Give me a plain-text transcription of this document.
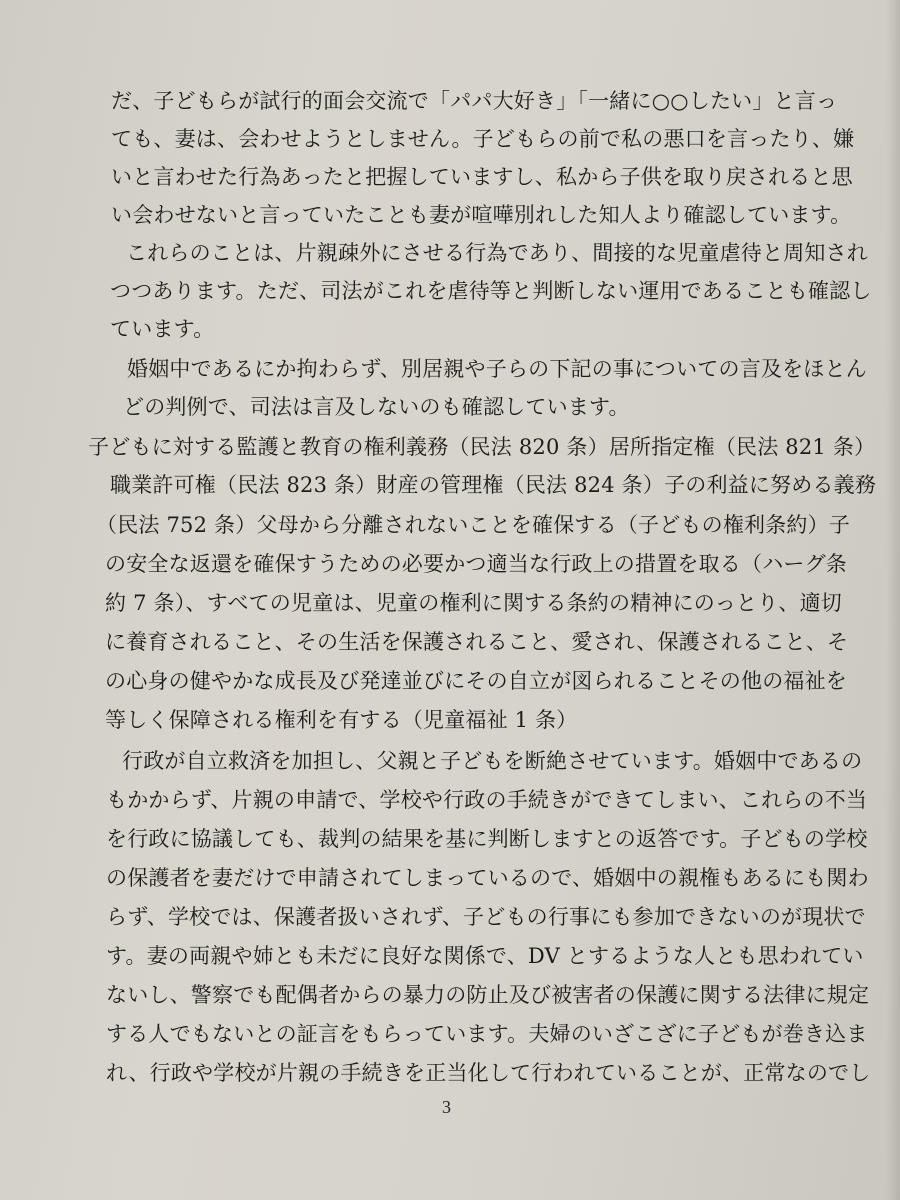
だ、子どもらが試行的面会交流で「パパ大好き」「一緒に○○したい」と言っ
ても、妻は、会わせようとしません。子どもらの前で私の悪口を言ったり、嫌
いと言わせた行為あったと把握していますし、私から子供を取り戻されると思
い会わせないと言っていたことも妻が喧嘩別れした知人より確認しています。
これらのことは、片親疎外にさせる行為であり、間接的な児童虐待と周知され
つつあります。ただ、司法がこれを虐待等と判断しない運用であることも確認し
ています。
婚姻中であるにか拘わらず、別居親や子らの下記の事についての言及をほとん
どの判例で、司法は言及しないのも確認しています。
子どもに対する監護と教育の権利義務（民法 820 条）居所指定権（民法 821 条）
職業許可権（民法 823 条）財産の管理権（民法 824 条）子の利益に努める義務
（民法 752 条）父母から分離されないことを確保する（子どもの権利条約）子
の安全な返還を確保すうための必要かつ適当な行政上の措置を取る（ハーグ条
約 7 条）、すべての児童は、児童の権利に関する条約の精神にのっとり、適切
に養育されること、その生活を保護されること、愛され、保護されること、そ
の心身の健やかな成長及び発達並びにその自立が図られることその他の福祉を
等しく保障される権利を有する（児童福祉 1 条）
行政が自立救済を加担し、父親と子どもを断絶させています。婚姻中であるの
もかからず、片親の申請で、学校や行政の手続きができてしまい、これらの不当
を行政に協議しても、裁判の結果を基に判断しますとの返答です。子どもの学校
の保護者を妻だけで申請されてしまっているので、婚姻中の親権もあるにも関わ
らず、学校では、保護者扱いされず、子どもの行事にも参加できないのが現状で
す。妻の両親や姉とも未だに良好な関係で、DV とするような人とも思われてい
ないし、警察でも配偶者からの暴力の防止及び被害者の保護に関する法律に規定
する人でもないとの証言をもらっています。夫婦のいざこざに子どもが巻き込ま
れ、行政や学校が片親の手続きを正当化して行われていることが、正常なのでし
3
